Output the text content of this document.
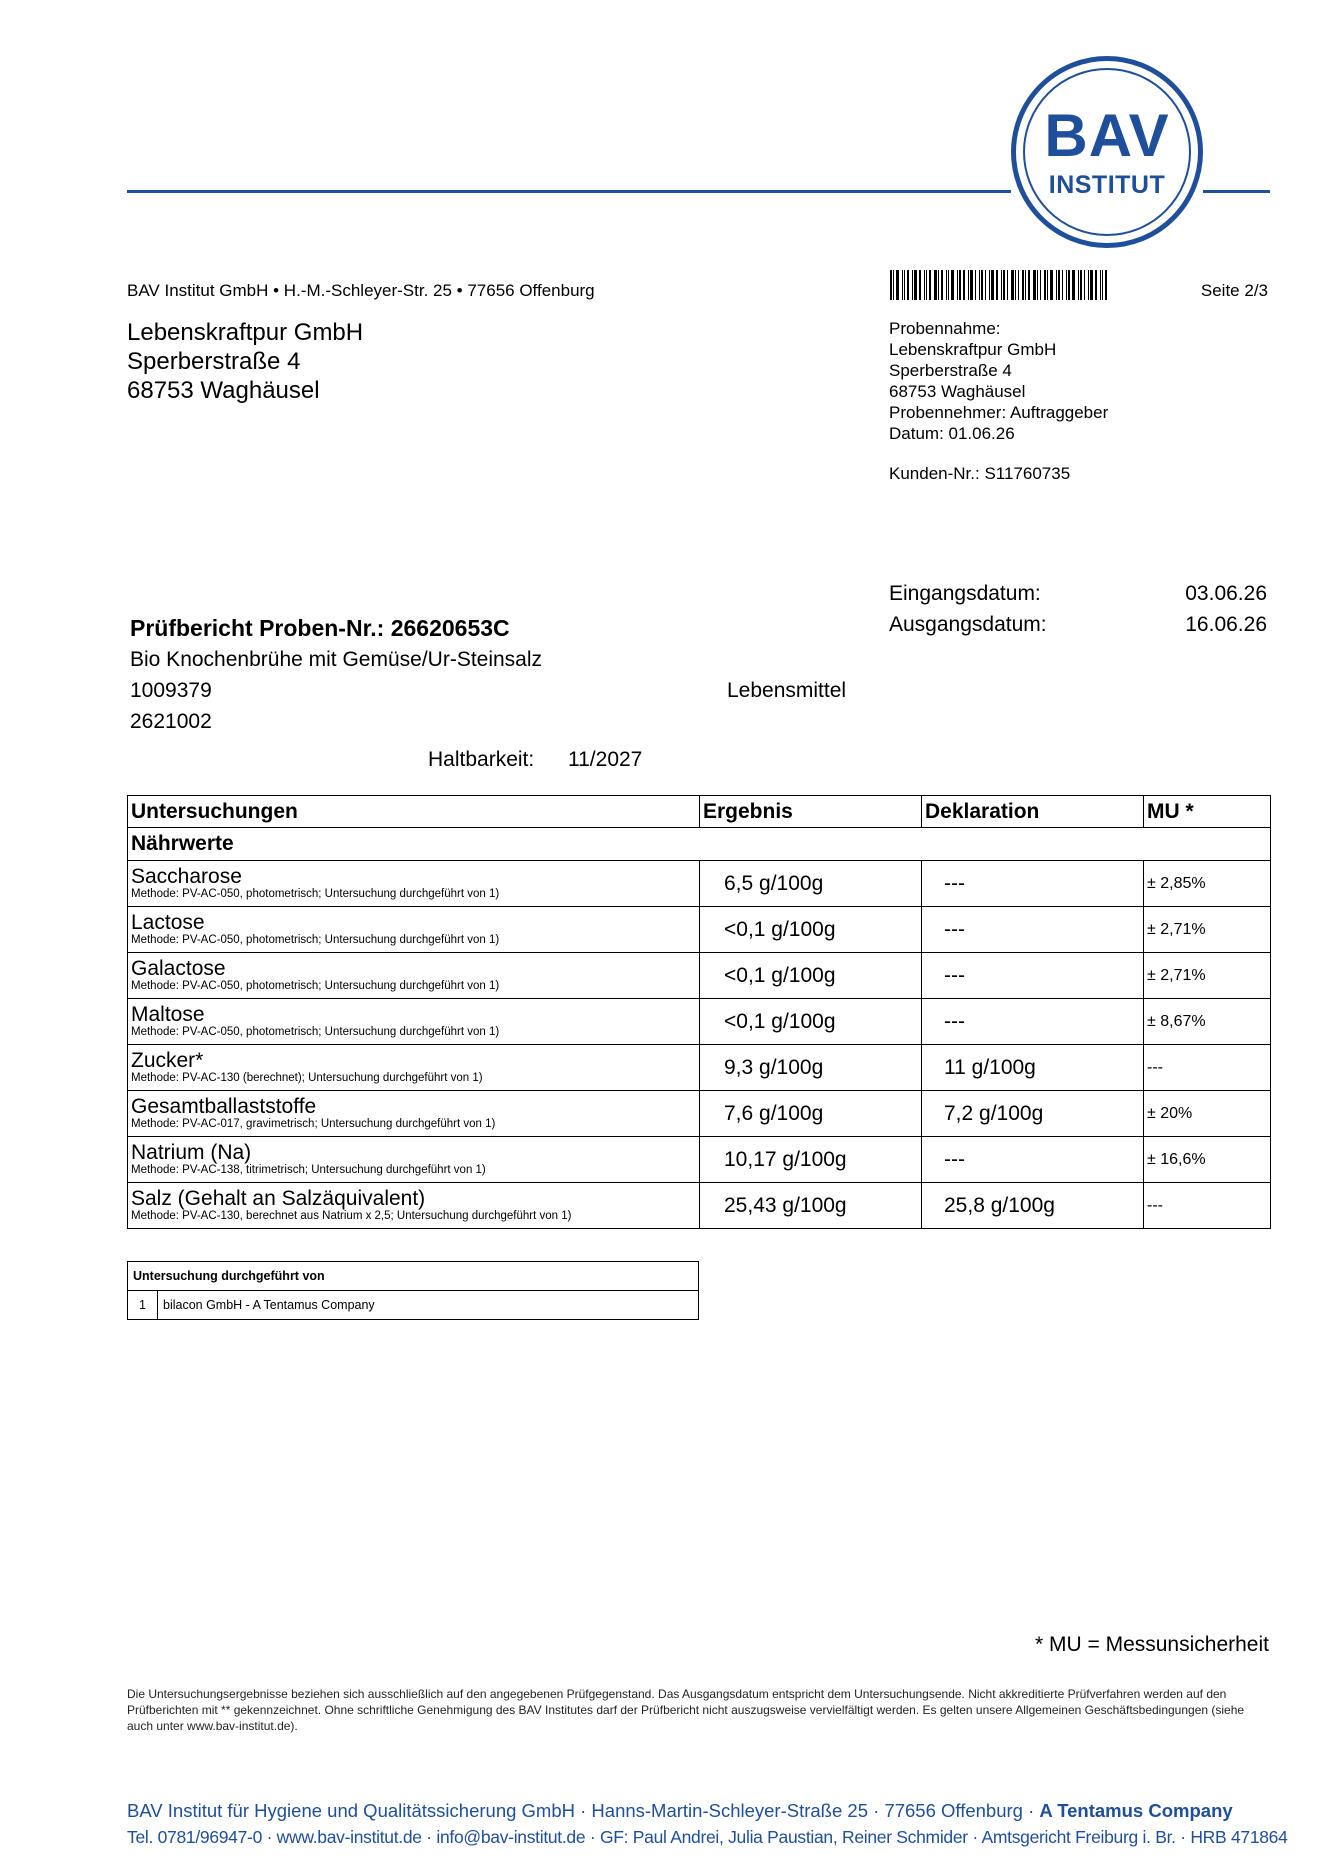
BAV
INSTITUT
BAV Institut GmbH • H.-M.-Schleyer-Str. 25 • 77656 Offenburg	Seite 2/3
Lebenskraftpur GmbH
Sperberstraße 4
68753 Waghäusel
Probennahme:
Lebenskraftpur GmbH
Sperberstraße 4
68753 Waghäusel
Probennehmer: Auftraggeber
Datum: 01.06.26
Kunden-Nr.: S11760735
Eingangsdatum:	03.06.26
Ausgangsdatum:	16.06.26
Prüfbericht Proben-Nr.: 26620653C
Bio Knochenbrühe mit Gemüse/Ur-Steinsalz
1009379	Lebensmittel
2621002
Haltbarkeit: 11/2027
Untersuchungen	Ergebnis	Deklaration	MU *
Nährwerte			

Saccharose
Methode: PV-AC-050, photometrisch; Untersuchung durchgeführt von 1)	6,5 g/100g	---	± 2,85%

Lactose
Methode: PV-AC-050, photometrisch; Untersuchung durchgeführt von 1)	<0,1 g/100g	---	± 2,71%

Galactose
Methode: PV-AC-050, photometrisch; Untersuchung durchgeführt von 1)	<0,1 g/100g	---	± 2,71%

Maltose
Methode: PV-AC-050, photometrisch; Untersuchung durchgeführt von 1)	<0,1 g/100g	---	± 8,67%

Zucker*
Methode: PV-AC-130 (berechnet); Untersuchung durchgeführt von 1)	9,3 g/100g	11 g/100g	---

Gesamtballaststoffe
Methode: PV-AC-017, gravimetrisch; Untersuchung durchgeführt von 1)	7,6 g/100g	7,2 g/100g	± 20%

Natrium (Na)
Methode: PV-AC-138, titrimetrisch; Untersuchung durchgeführt von 1)	10,17 g/100g	---	± 16,6%

Salz (Gehalt an Salzäquivalent)
Methode: PV-AC-130, berechnet aus Natrium x 2,5; Untersuchung durchgeführt von 1)	25,43 g/100g	25,8 g/100g	---
Untersuchung durchgeführt von
1	bilacon GmbH - A Tentamus Company
* MU = Messunsicherheit
Die Untersuchungsergebnisse beziehen sich ausschließlich auf den angegebenen Prüfgegenstand. Das Ausgangsdatum entspricht dem Untersuchungsende. Nicht akkreditierte Prüfverfahren werden auf den Prüfberichten mit ** gekennzeichnet. Ohne schriftliche Genehmigung des BAV Institutes darf der Prüfbericht nicht auszugsweise vervielfältigt werden. Es gelten unsere Allgemeinen Geschäftsbedingungen (siehe auch unter www.bav-institut.de).
BAV Institut für Hygiene und Qualitätssicherung GmbH · Hanns-Martin-Schleyer-Straße 25 · 77656 Offenburg · A Tentamus Company
Tel. 0781/96947-0 · www.bav-institut.de · info@bav-institut.de · GF: Paul Andrei, Julia Paustian, Reiner Schmider · Amtsgericht Freiburg i. Br. · HRB 471864
